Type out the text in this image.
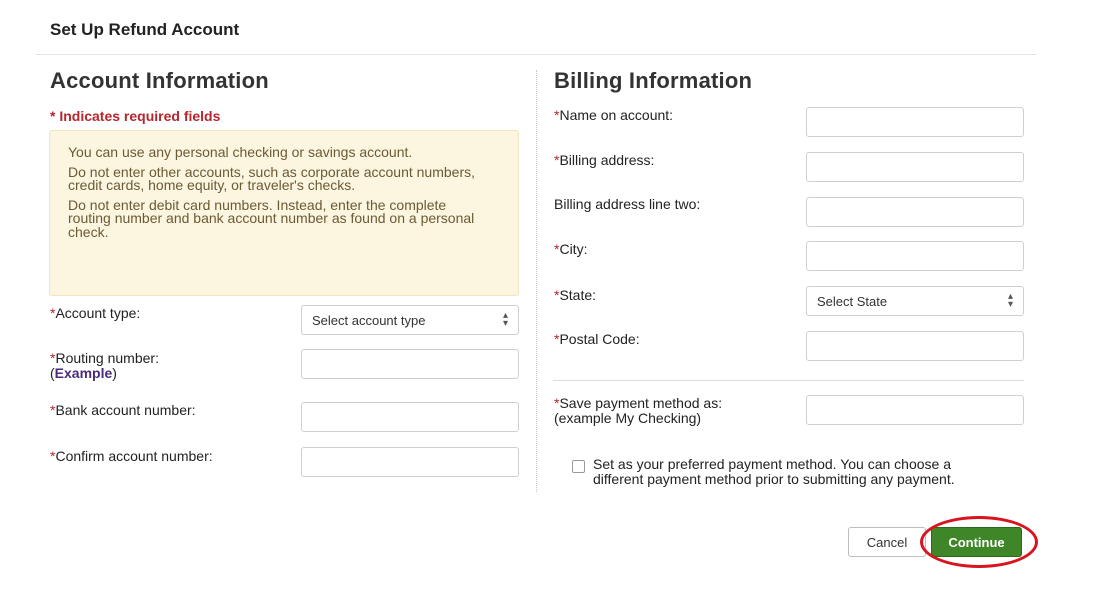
Set Up Refund Account
Account Information
* Indicates required fields

You can use any personal checking or savings account.

Do not enter other accounts, such as corporate account numbers, credit cards, home equity, or traveler's checks.

Do not enter debit card numbers. Instead, enter the complete routing number and bank account number as found on a personal check.

*Account type:	Select account type	▴
▾
*Routing number:
(Example)
*Bank account number:
*Confirm account number:
Billing Information
*Name on account:
*Billing address:
Billing address line two:
*City:
*State:	Select State	▴
▾
*Postal Code:
*Save payment method as:
(example My Checking)
Set as your preferred payment method. You can choose a different payment method prior to submitting any payment.
Cancel	Continue
